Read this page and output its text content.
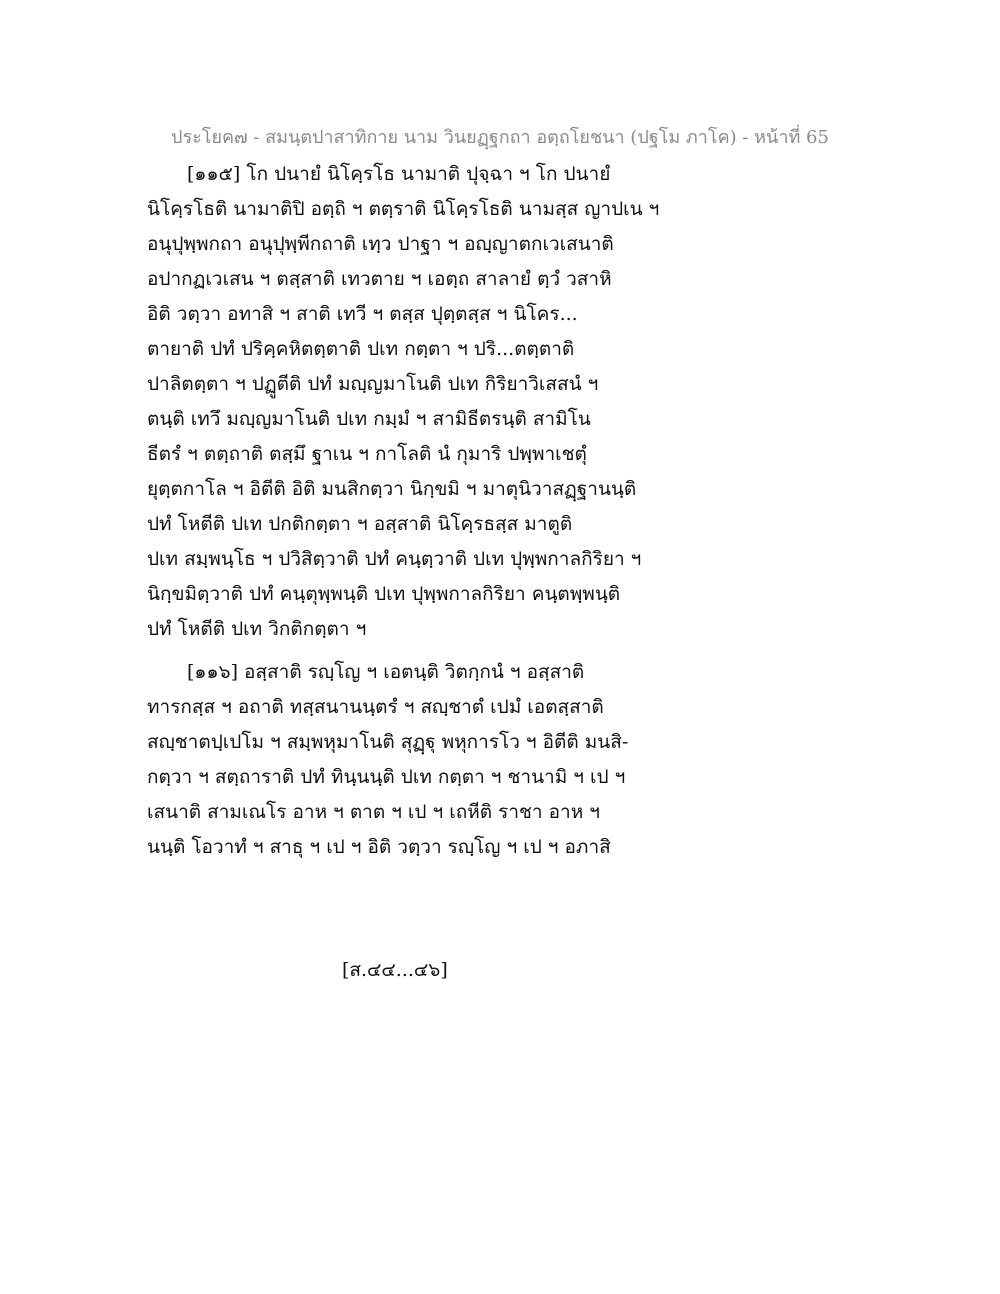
ประโยค๗ - สมนฺตปาสาทิกาย นาม วินยฏฺฐกถา อตฺถโยชนา (ปฐโม ภาโค) - หน้าที่ 65
[๑๑๕] โก ปนายํ นิโคฺรโธ นามาติ ปุจฺฉา ฯ โก ปนายํ
นิโคฺรโธติ นามาติปิ อตฺถิ ฯ ตตฺราติ นิโคฺรโธติ นามสฺส ญาปเน ฯ
อนุปุพฺพกถา อนุปุพฺพีกถาติ เทฺว ปาฐา ฯ อญฺญาตกเวเสนาติ
อปากฏเวเสน ฯ ตสฺสาติ เทวตาย ฯ เอตฺถ สาลายํ ตฺวํ วสาหิ
อิติ วตฺวา อทาสิ ฯ สาติ เทวี ฯ ตสฺส ปุตฺตสฺส ฯ นิโคร...
ตายาติ ปทํ ปริคฺคหิตตฺตาติ ปเท กตฺตา ฯ ปริ...ตตฺตาติ
ปาลิตตฺตา ฯ ปฏูตีติ ปทํ มญฺญมาโนติ ปเท กิริยาวิเสสนํ ฯ
ตนฺติ เทวึ มญฺญมาโนติ ปเท กมฺมํ ฯ สามิธีตรนฺติ สามิโน
ธีตรํ ฯ ตตฺถาติ ตสฺมึ ฐาเน ฯ กาโลติ นํ กุมาริ ปพฺพาเชตุํ
ยุตฺตกาโล ฯ อิตีติ อิติ มนสิกตฺวา นิกฺขมิ ฯ มาตุนิวาสฏฺฐานนฺติ
ปทํ โหตีติ ปเท ปกติกตฺตา ฯ อสฺสาติ นิโคฺรธสฺส มาตูติ
ปเท สมฺพนฺโธ ฯ ปวิสิตฺวาติ ปทํ คนฺตฺวาติ ปเท ปุพฺพกาลกิริยา ฯ
นิกฺขมิตฺวาติ ปทํ คนฺตุพฺพนฺติ ปเท ปุพฺพกาลกิริยา คนฺตพฺพนฺติ
ปทํ โหตีติ ปเท วิกติกตฺตา ฯ
[๑๑๖] อสฺสาติ รญฺโญ ฯ เอตนฺติ วิตกฺกนํ ฯ อสฺสาติ
ทารกสฺส ฯ อถาติ ทสฺสนานนฺตรํ ฯ สญฺชาตํ เปมํ เอตสฺสาติ
สญฺชาตปฺเปโม ฯ สมฺพหุมาโนติ สุฏฺฐุ พหุการโว ฯ อิตีติ มนสิ-
กตฺวา ฯ สตฺถาราติ ปทํ ทินฺนนฺติ ปเท กตฺตา ฯ ชานามิ ฯ เป ฯ
เสนาติ สามเณโร อาห ฯ ตาต ฯ เป ฯ เถหีติ ราชา อาห ฯ
นนฺติ โอวาทํ ฯ สาธุ ฯ เป ฯ อิติ วตฺวา รญฺโญ ฯ เป ฯ อภาสิ
[ส.๔๔...๔๖]
